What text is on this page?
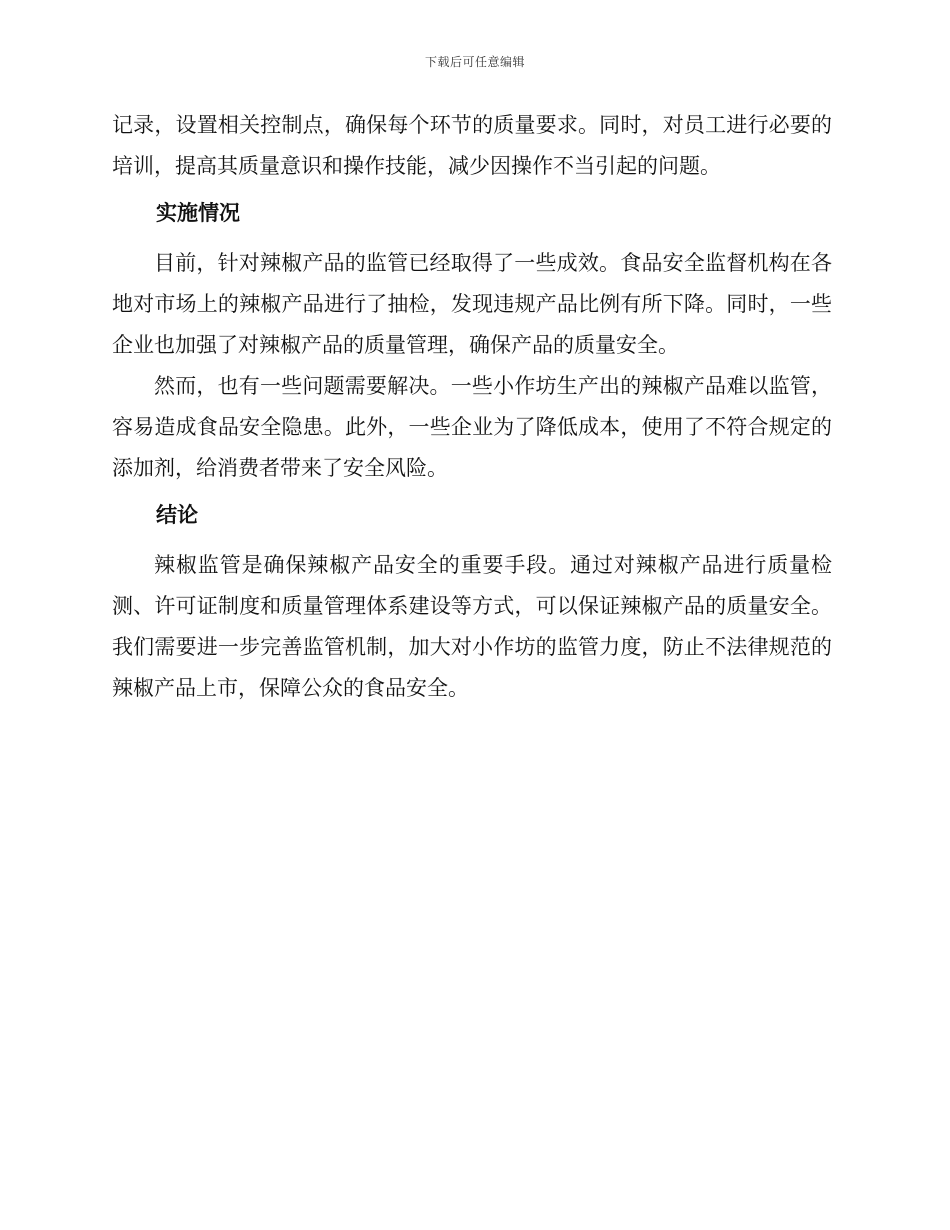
下载后可任意编辑

记录，设置相关控制点，确保每个环节的质量要求。同时，对员工进行必要的培训，提高其质量意识和操作技能，减少因操作不当引起的问题。

实施情况

目前，针对辣椒产品的监管已经取得了一些成效。食品安全监督机构在各地对市场上的辣椒产品进行了抽检，发现违规产品比例有所下降。同时，一些企业也加强了对辣椒产品的质量管理，确保产品的质量安全。

然而，也有一些问题需要解决。一些小作坊生产出的辣椒产品难以监管，容易造成食品安全隐患。此外，一些企业为了降低成本，使用了不符合规定的添加剂，给消费者带来了安全风险。

结论

辣椒监管是确保辣椒产品安全的重要手段。通过对辣椒产品进行质量检测、许可证制度和质量管理体系建设等方式，可以保证辣椒产品的质量安全。我们需要进一步完善监管机制，加大对小作坊的监管力度，防止不法律规范的辣椒产品上市，保障公众的食品安全。
